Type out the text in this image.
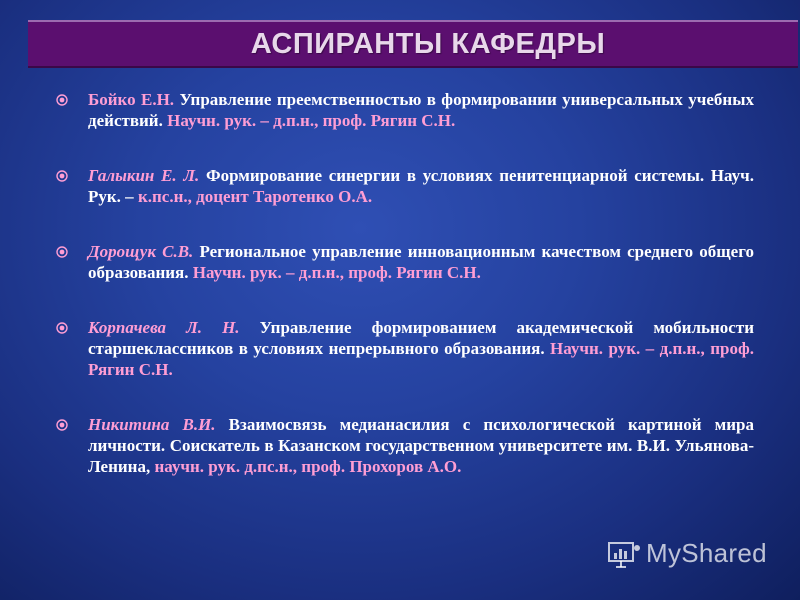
АСПИРАНТЫ КАФЕДРЫ
Бойко Е.Н. Управление преемственностью в формировании универсальных учебных действий. Научн. рук. – д.п.н., проф. Рягин С.Н.
Галыкин Е. Л. Формирование синергии в условиях пенитенциарной системы. Науч. Рук. – к.пс.н., доцент Таротенко О.А.
Дорощук С.В. Региональное управление инновационным качеством среднего общего образования. Научн. рук. – д.п.н., проф. Рягин С.Н.
Корпачева Л. Н. Управление формированием академической мобильности старшеклассников в условиях непрерывного образования. Научн. рук. – д.п.н., проф. Рягин С.Н.
Никитина В.И. Взаимосвязь медианасилия с психологической картиной мира личности. Соискатель в Казанском государственном университете им. В.И. Ульянова-Ленина, научн. рук. д.пс.н., проф. Прохоров А.О.
MyShared
